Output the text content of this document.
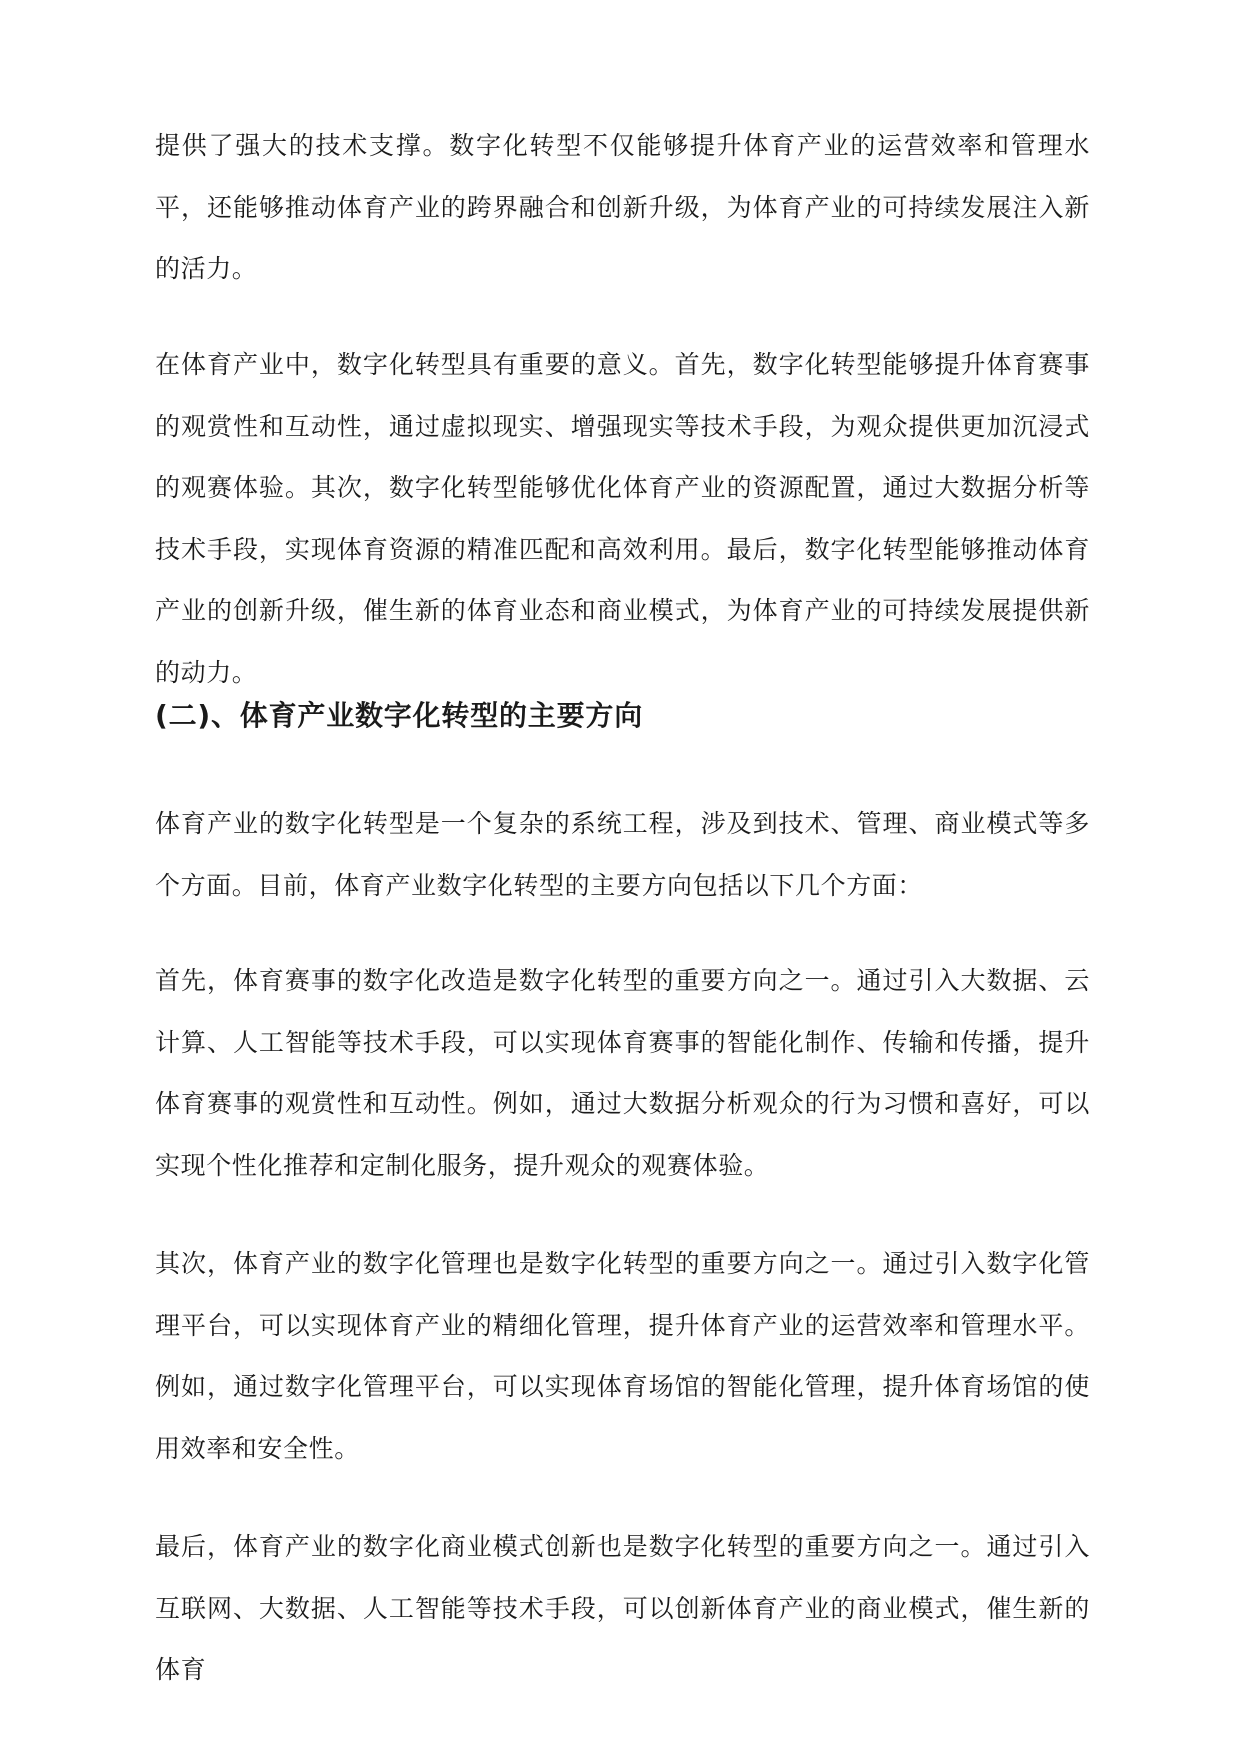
提供了强大的技术支撑。数字化转型不仅能够提升体育产业的运营效率和管理水平，还能够推动体育产业的跨界融合和创新升级，为体育产业的可持续发展注入新的活力。

在体育产业中，数字化转型具有重要的意义。首先，数字化转型能够提升体育赛事的观赏性和互动性，通过虚拟现实、增强现实等技术手段，为观众提供更加沉浸式的观赛体验。其次，数字化转型能够优化体育产业的资源配置，通过大数据分析等技术手段，实现体育资源的精准匹配和高效利用。最后，数字化转型能够推动体育产业的创新升级，催生新的体育业态和商业模式，为体育产业的可持续发展提供新的动力。

(二)、体育产业数字化转型的主要方向

体育产业的数字化转型是一个复杂的系统工程，涉及到技术、管理、商业模式等多个方面。目前，体育产业数字化转型的主要方向包括以下几个方面：

首先，体育赛事的数字化改造是数字化转型的重要方向之一。通过引入大数据、云计算、人工智能等技术手段，可以实现体育赛事的智能化制作、传输和传播，提升体育赛事的观赏性和互动性。例如，通过大数据分析观众的行为习惯和喜好，可以实现个性化推荐和定制化服务，提升观众的观赛体验。

其次，体育产业的数字化管理也是数字化转型的重要方向之一。通过引入数字化管理平台，可以实现体育产业的精细化管理，提升体育产业的运营效率和管理水平。例如，通过数字化管理平台，可以实现体育场馆的智能化管理，提升体育场馆的使用效率和安全性。

最后，体育产业的数字化商业模式创新也是数字化转型的重要方向之一。通过引入互联网、大数据、人工智能等技术手段，可以创新体育产业的商业模式，催生新的体育
